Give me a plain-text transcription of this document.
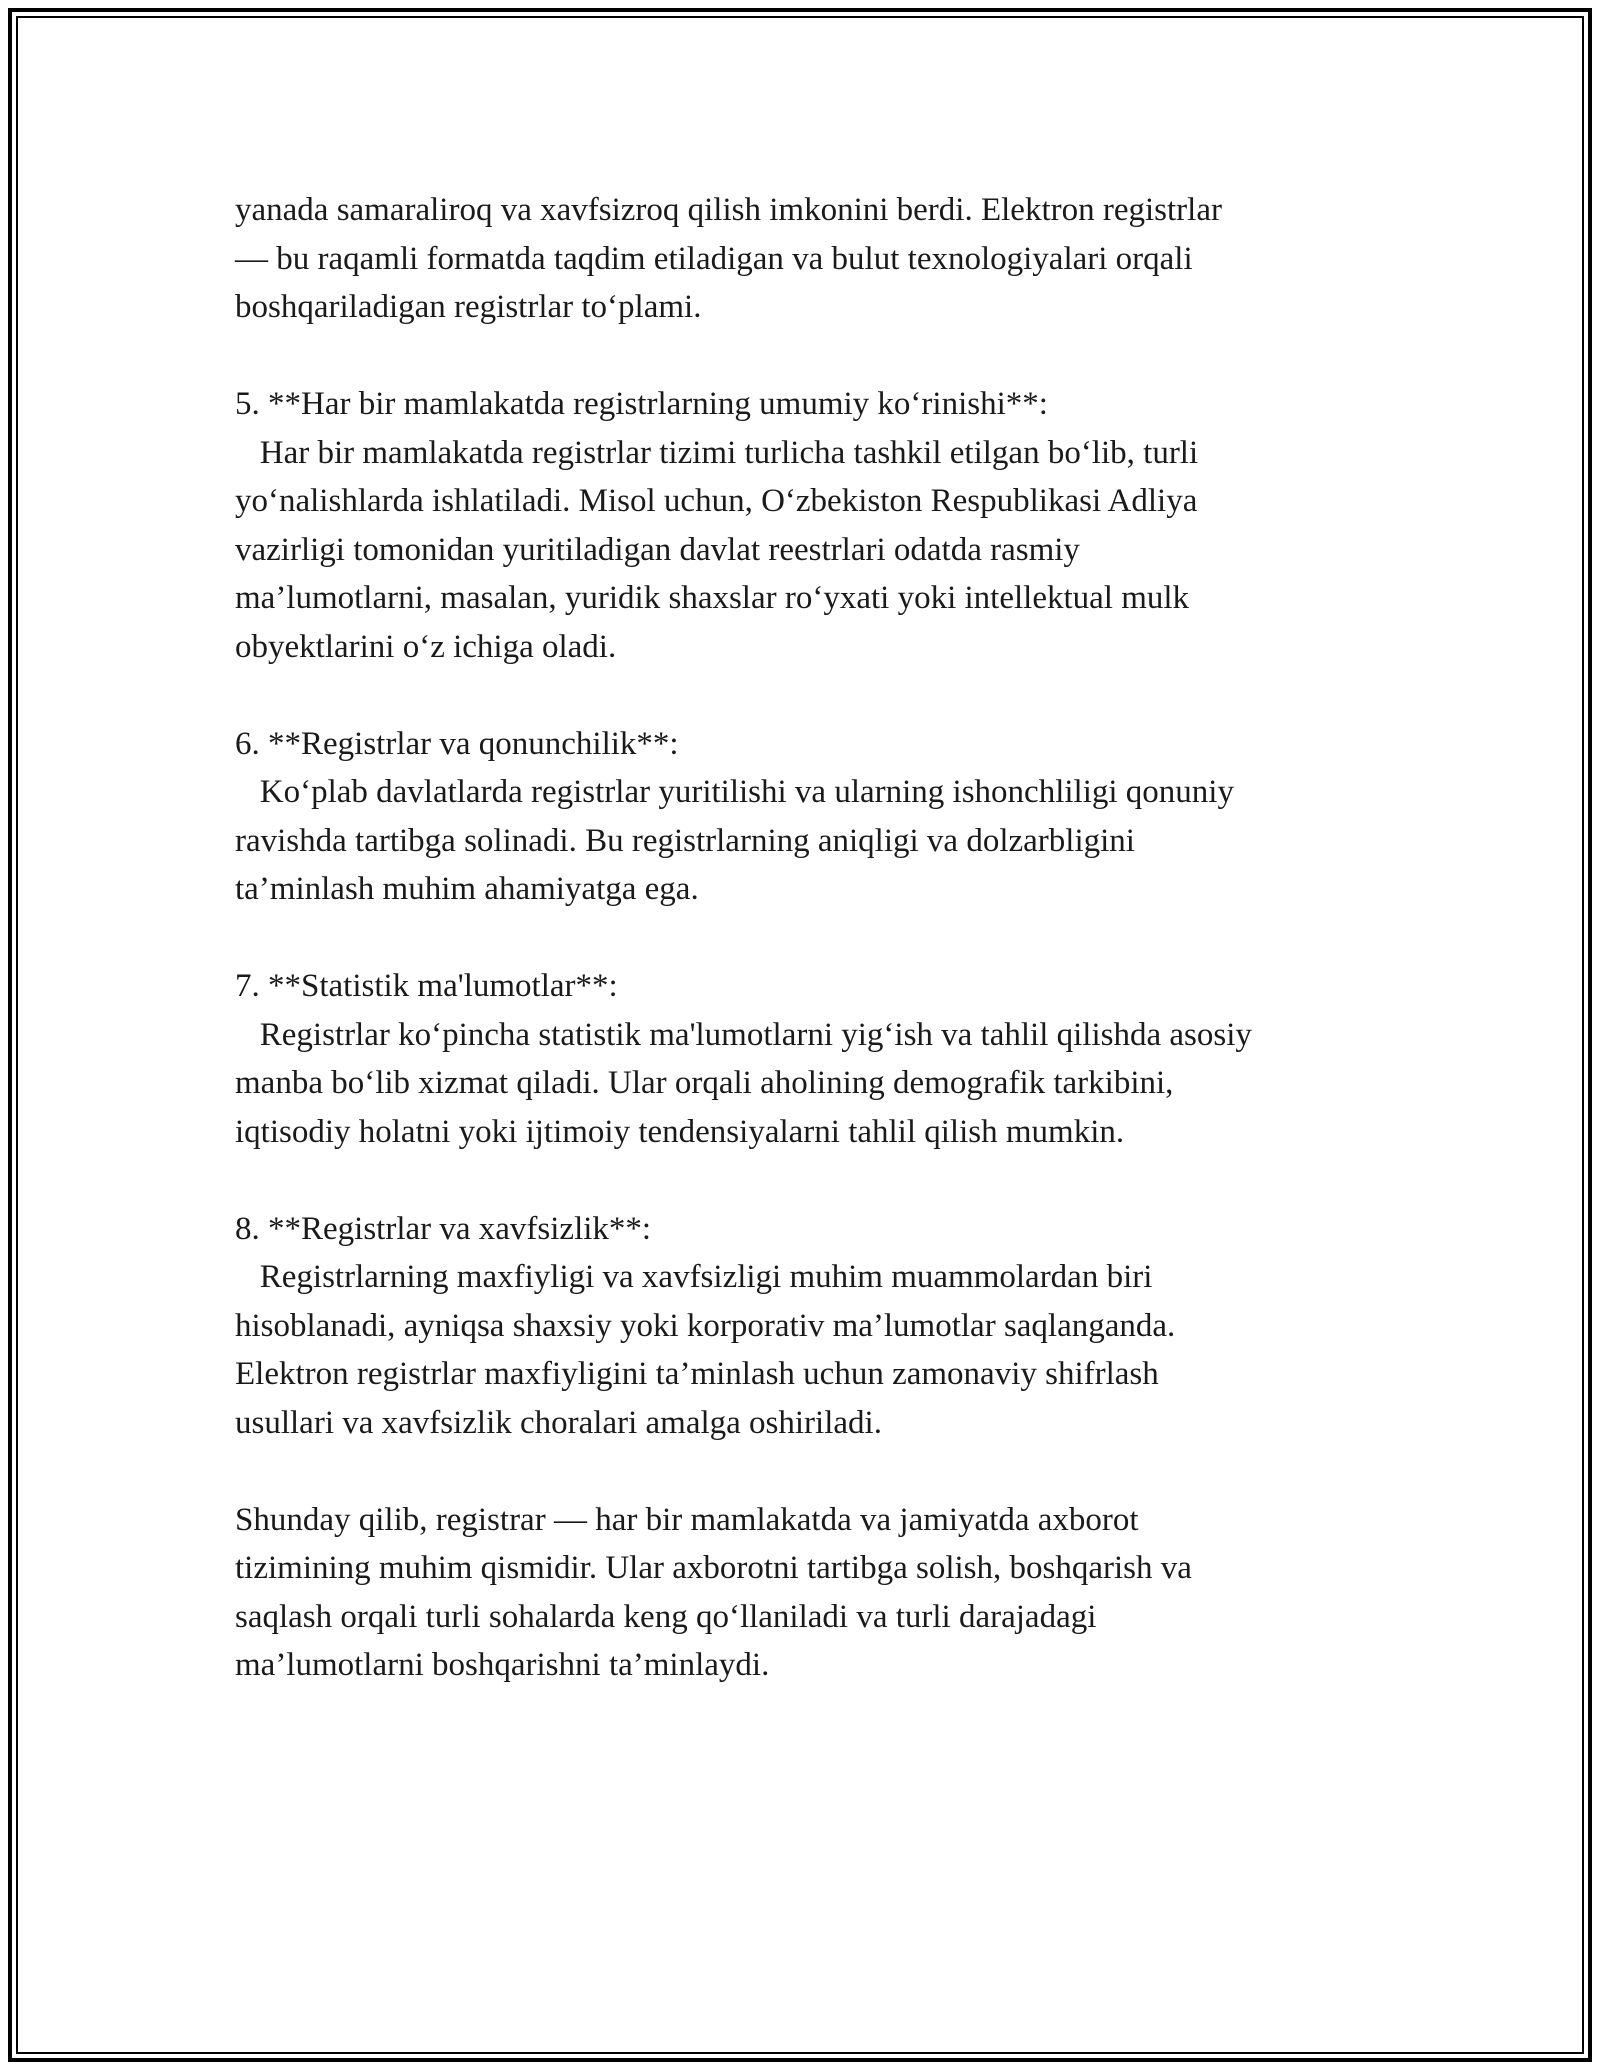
yanada samaraliroq va xavfsizroq qilish imkonini berdi. Elektron registrlar
— bu raqamli formatda taqdim etiladigan va bulut texnologiyalari orqali
boshqariladigan registrlar to‘plami.
5. **Har bir mamlakatda registrlarning umumiy ko‘rinishi**:
Har bir mamlakatda registrlar tizimi turlicha tashkil etilgan bo‘lib, turli
yo‘nalishlarda ishlatiladi. Misol uchun, O‘zbekiston Respublikasi Adliya
vazirligi tomonidan yuritiladigan davlat reestrlari odatda rasmiy
ma’lumotlarni, masalan, yuridik shaxslar ro‘yxati yoki intellektual mulk
obyektlarini o‘z ichiga oladi.
6. **Registrlar va qonunchilik**:
Ko‘plab davlatlarda registrlar yuritilishi va ularning ishonchliligi qonuniy
ravishda tartibga solinadi. Bu registrlarning aniqligi va dolzarbligini
ta’minlash muhim ahamiyatga ega.
7. **Statistik ma'lumotlar**:
Registrlar ko‘pincha statistik ma'lumotlarni yig‘ish va tahlil qilishda asosiy
manba bo‘lib xizmat qiladi. Ular orqali aholining demografik tarkibini,
iqtisodiy holatni yoki ijtimoiy tendensiyalarni tahlil qilish mumkin.
8. **Registrlar va xavfsizlik**:
Registrlarning maxfiyligi va xavfsizligi muhim muammolardan biri
hisoblanadi, ayniqsa shaxsiy yoki korporativ ma’lumotlar saqlanganda.
Elektron registrlar maxfiyligini ta’minlash uchun zamonaviy shifrlash
usullari va xavfsizlik choralari amalga oshiriladi.
Shunday qilib, registrar — har bir mamlakatda va jamiyatda axborot
tizimining muhim qismidir. Ular axborotni tartibga solish, boshqarish va
saqlash orqali turli sohalarda keng qo‘llaniladi va turli darajadagi
ma’lumotlarni boshqarishni ta’minlaydi.
